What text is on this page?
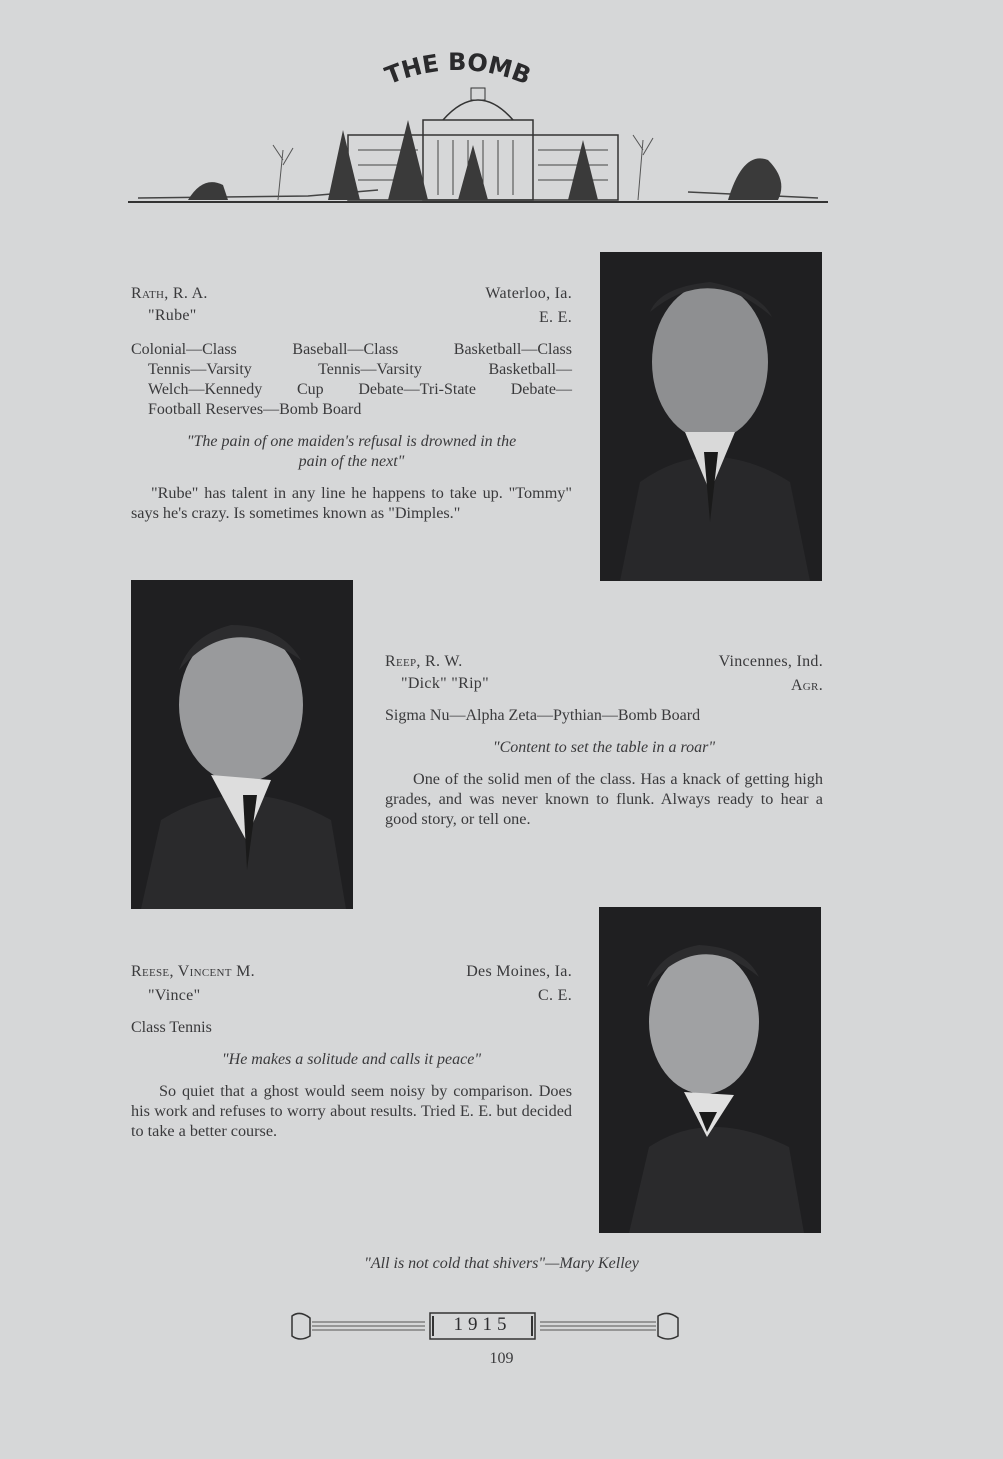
THE BOMB
Rath, R. A.	Waterloo, Ia.
"Rube"	E. E.
Colonial—Class Baseball—Class Basketball—Class
Tennis—Varsity Tennis—Varsity Basketball—
Welch—Kennedy Cup Debate—Tri-State Debate—
Football Reserves—Bomb Board
"The pain of one maiden's refusal is drowned in the
pain of the next"
"Rube" has talent in any line he happens to take up. "Tommy" says he's crazy. Is sometimes known as "Dimples."
Reep, R. W.	Vincennes, Ind.
"Dick" "Rip"	Agr.
Sigma Nu—Alpha Zeta—Pythian—Bomb Board
"Content to set the table in a roar"
One of the solid men of the class. Has a knack of getting high grades, and was never known to flunk. Always ready to hear a good story, or tell one.
Reese, Vincent M.	Des Moines, Ia.
"Vince"	C. E.
Class Tennis
"He makes a solitude and calls it peace"
So quiet that a ghost would seem noisy by comparison. Does his work and refuses to worry about results. Tried E. E. but decided to take a better course.
"All is not cold that shivers"—Mary Kelley
1915
109
